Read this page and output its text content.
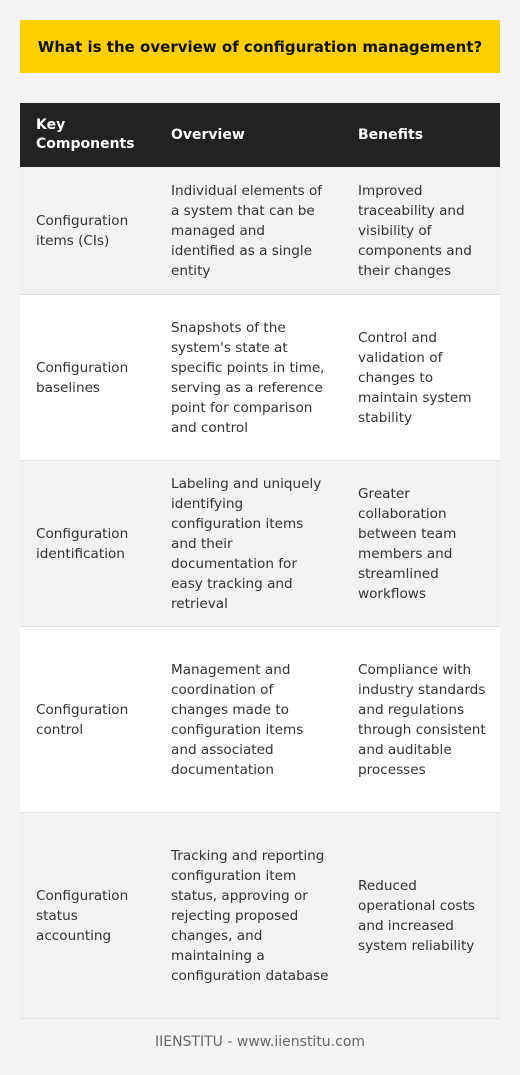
What is the overview of configuration management?
Key Components	Overview	Benefits
Configuration items (CIs)	Individual elements of a system that can be managed and identified as a single entity	Improved traceability and visibility of components and their changes
Configuration baselines	Snapshots of the system's state at specific points in time, serving as a reference point for comparison and control	Control and validation of changes to maintain system stability
Configuration identification	Labeling and uniquely identifying configuration items and their documentation for easy tracking and retrieval	Greater collaboration between team members and streamlined workflows
Configuration control	Management and coordination of changes made to configuration items and associated documentation	Compliance with industry standards and regulations through consistent and auditable processes
Configuration status accounting	Tracking and reporting configuration item status, approving or rejecting proposed changes, and maintaining a configuration database	Reduced operational costs and increased system reliability
IIENSTITU - www.iienstitu.com
